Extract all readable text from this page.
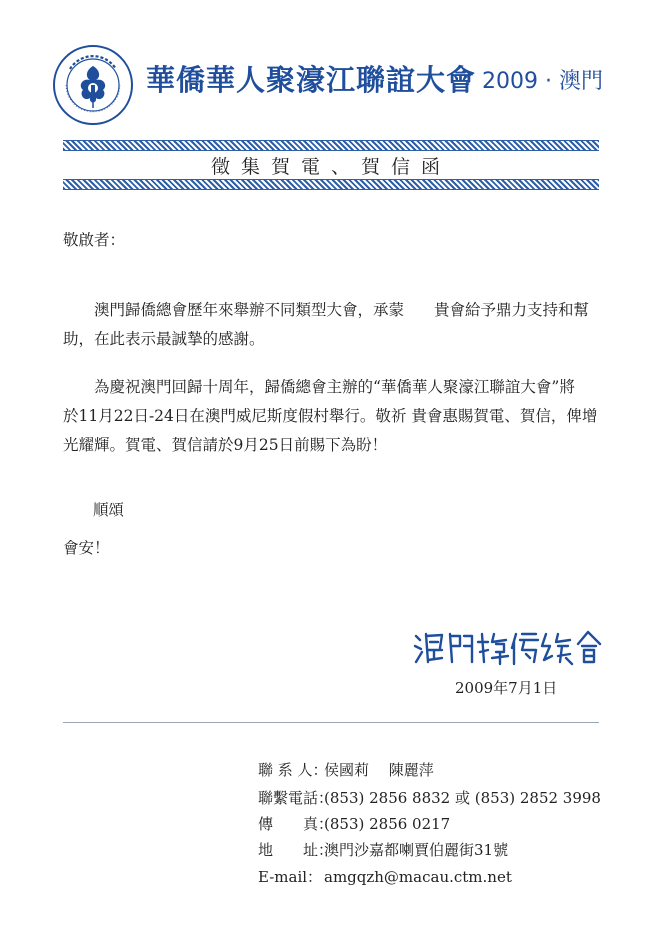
華僑華人聚濠江聯誼大會 2009 · 澳門
徵集賀電、賀信函
敬啟者：
澳門歸僑總會歷年來舉辦不同類型大會，承蒙 貴會給予鼎力支持和幫
助，在此表示最誠摯的感謝。
為慶祝澳門回歸十周年，歸僑總會主辦的“華僑華人聚濠江聯誼大會”將
於11月22日-24日在澳門威尼斯度假村舉行。敬祈 貴會惠賜賀電、賀信，俾增
光耀輝。賀電、賀信請於9月25日前賜下為盼！
順頌
會安！
2009年7月1日
聯 系 人：侯國莉　 陳麗萍
聯繫電話：(853) 2856 8832 或 (853) 2852 3998
傳　　真：(853) 2856 0217
地　　址：澳門沙嘉都喇賈伯麗街31號
E-mail： amgqzh@macau.ctm.net
